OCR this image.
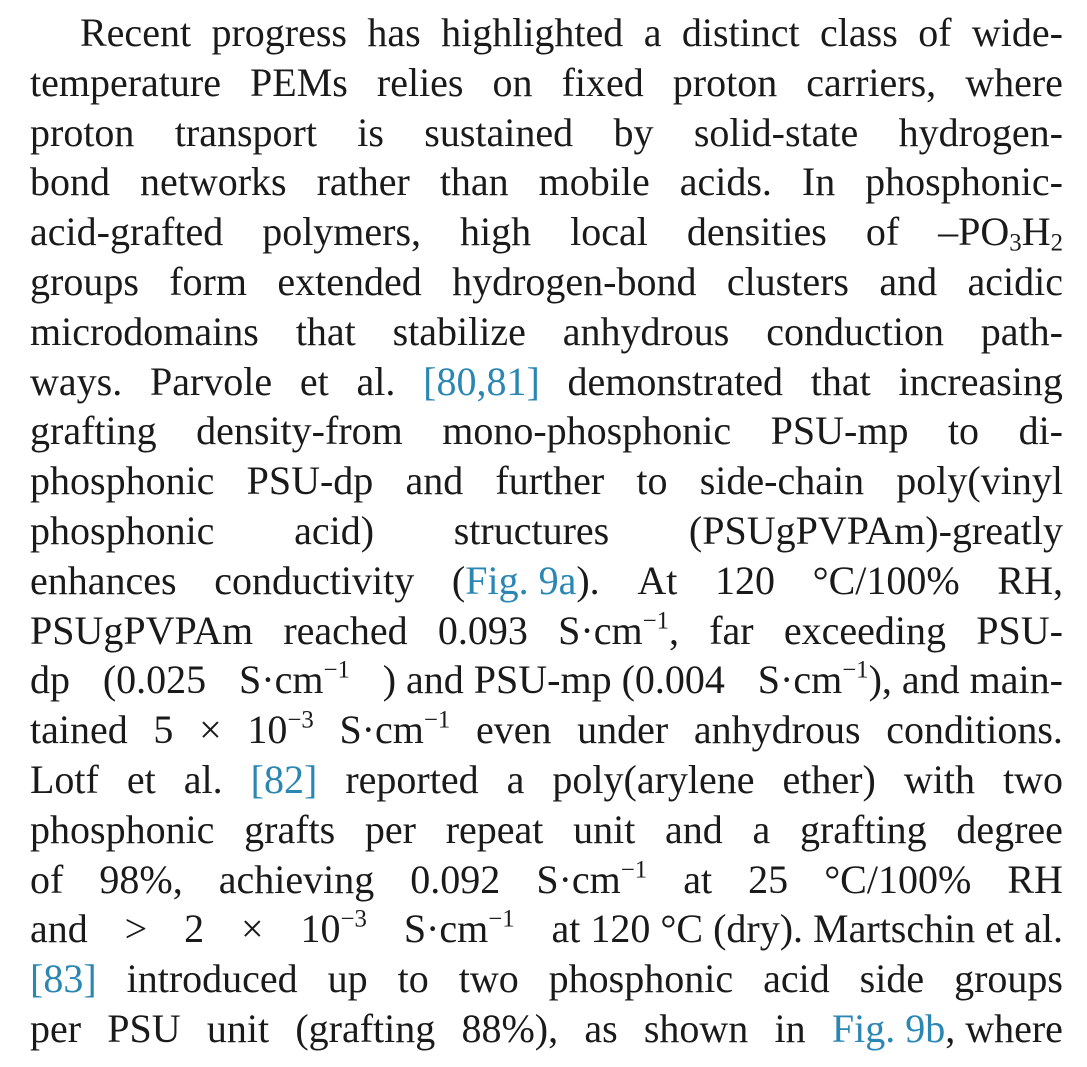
Recent progress has highlighted a distinct class of wide-
temperature PEMs relies on fixed proton carriers, where
proton transport is sustained by solid-state hydrogen-
bond networks rather than mobile acids. In phosphonic-
acid-grafted polymers, high local densities of $-PO_3H_2$
groups form extended hydrogen-bond clusters and acidic
microdomains that stabilize anhydrous conduction path-
ways. Parvole et al. [80,81] demonstrated that increasing
grafting density-from mono-phosphonic PSU-mp to di-
phosphonic PSU-dp and further to side-chain poly(vinyl
phosphonic acid) structures (PSUgPVPAm)-greatly
enhances conductivity (Fig. 9a). At 120 °C/100% RH,
PSUgPVPAm reached 0.093 $S\cdot cm^{-1}$, far exceeding PSU-
dp (0.025 $S\cdot cm^{-1}$ ) and PSU-mp (0.004 $S\cdot cm^{-1}$), and main-
tained $5 \times 10^{-3}$ $S\cdot cm^{-1}$ even under anhydrous conditions.
Lotf et al. [82] reported a poly(arylene ether) with two
phosphonic grafts per repeat unit and a grafting degree
of 98%, achieving 0.092 $S\cdot cm^{-1}$ at 25 °C/100% RH
and > $2 \times 10^{-3}$ $S\cdot cm^{-1}$ at 120 °C (dry). Martschin et al.
[83] introduced up to two phosphonic acid side groups
per PSU unit (grafting 88%), as shown in Fig. 9b, where
